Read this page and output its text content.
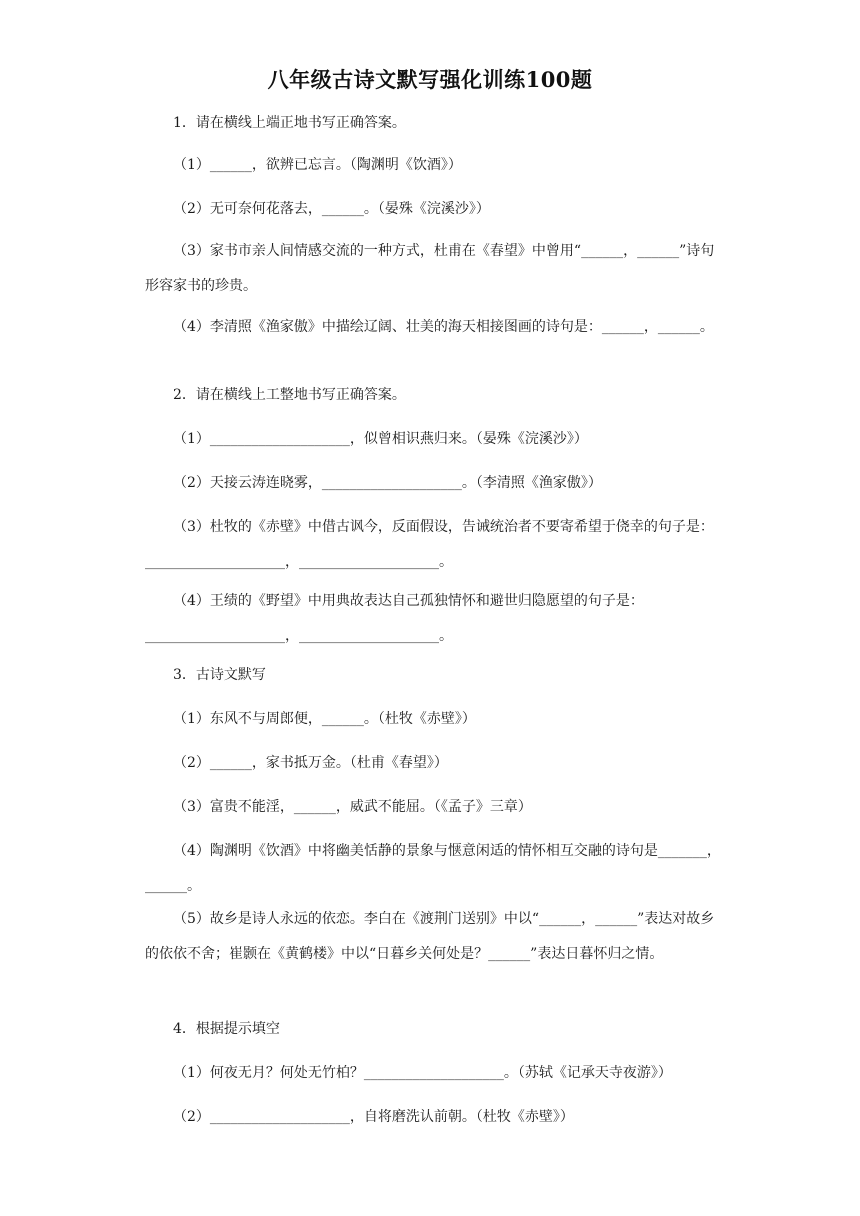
八年级古诗文默写强化训练100题
1．请在横线上端正地书写正确答案。
（1）______，欲辨已忘言。（陶渊明《饮酒》）
（2）无可奈何花落去，______。（晏殊《浣溪沙》）
（3）家书市亲人间情感交流的一种方式，杜甫在《春望》中曾用“______，______”诗句形容家书的珍贵。
（4）李清照《渔家傲》中描绘辽阔、壮美的海天相接图画的诗句是：______，______。
2．请在横线上工整地书写正确答案。
（1）____________________，似曾相识燕归来。（晏殊《浣溪沙》）
（2）天接云涛连晓雾，____________________。（李清照《渔家傲》）
（3）杜牧的《赤壁》中借古讽今，反面假设，告诫统治者不要寄希望于侥幸的句子是：____________________，____________________。
（4）王绩的《野望》中用典故表达自己孤独情怀和避世归隐愿望的句子是：____________________，____________________。
3．古诗文默写
（1）东风不与周郎便，______。（杜牧《赤壁》）
（2）______，家书抵万金。（杜甫《春望》）
（3）富贵不能淫，______，威武不能屈。（《孟子》三章）
（4）陶渊明《饮酒》中将幽美恬静的景象与惬意闲适的情怀相互交融的诗句是_______，______。
（5）故乡是诗人永远的依恋。李白在《渡荆门送别》中以“______，______”表达对故乡的依依不舍；崔颢在《黄鹤楼》中以“日暮乡关何处是？______”表达日暮怀归之情。
4．根据提示填空
（1）何夜无月？何处无竹柏？____________________。（苏轼《记承天寺夜游》）
（2）____________________，自将磨洗认前朝。（杜牧《赤壁》）
